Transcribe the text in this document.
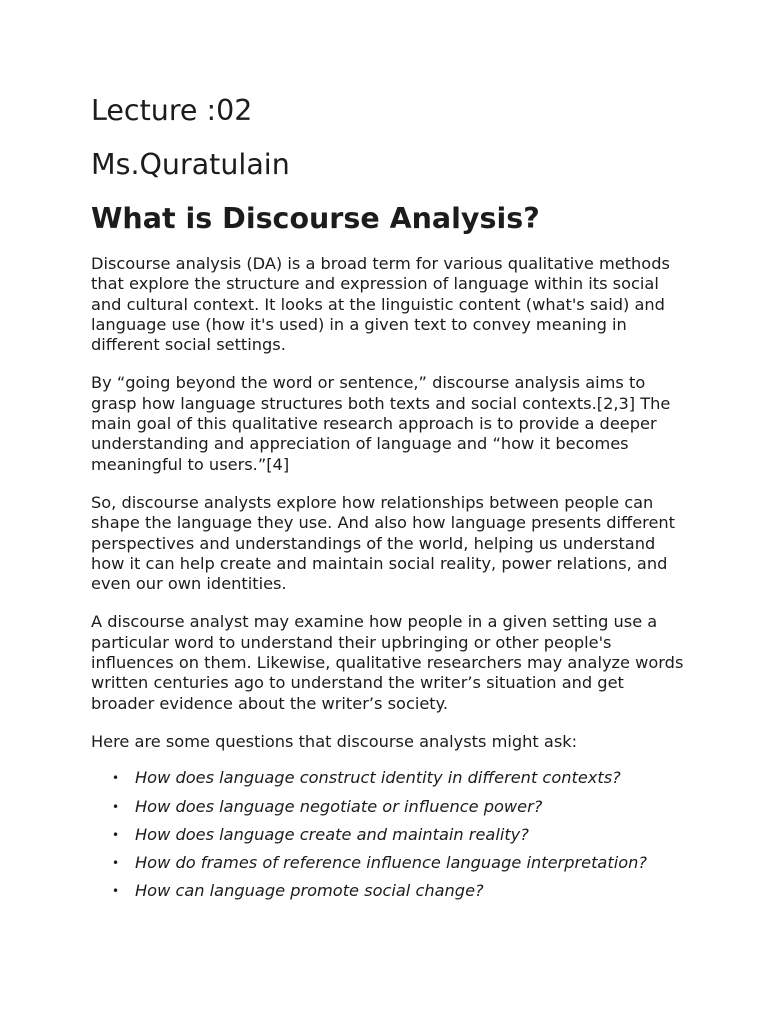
Lecture :02
Ms.Quratulain
What is Discourse Analysis?

Discourse analysis (DA) is a broad term for various qualitative methods that explore the structure and expression of language within its social and cultural context. It looks at the linguistic content (what's said) and language use (how it's used) in a given text to convey meaning in different social settings.

By “going beyond the word or sentence,” discourse analysis aims to grasp how language structures both texts and social contexts.[2,3] The main goal of this qualitative research approach is to provide a deeper understanding and appreciation of language and “how it becomes meaningful to users.”[4]

So, discourse analysts explore how relationships between people can shape the language they use. And also how language presents different perspectives and understandings of the world, helping us understand how it can help create and maintain social reality, power relations, and even our own identities.

A discourse analyst may examine how people in a given setting use a particular word to understand their upbringing or other people's influences on them. Likewise, qualitative researchers may analyze words written centuries ago to understand the writer’s situation and get broader evidence about the writer’s society.

Here are some questions that discourse analysts might ask:

• How does language construct identity in different contexts?
• How does language negotiate or influence power?
• How does language create and maintain reality?
• How do frames of reference influence language interpretation?
• How can language promote social change?
